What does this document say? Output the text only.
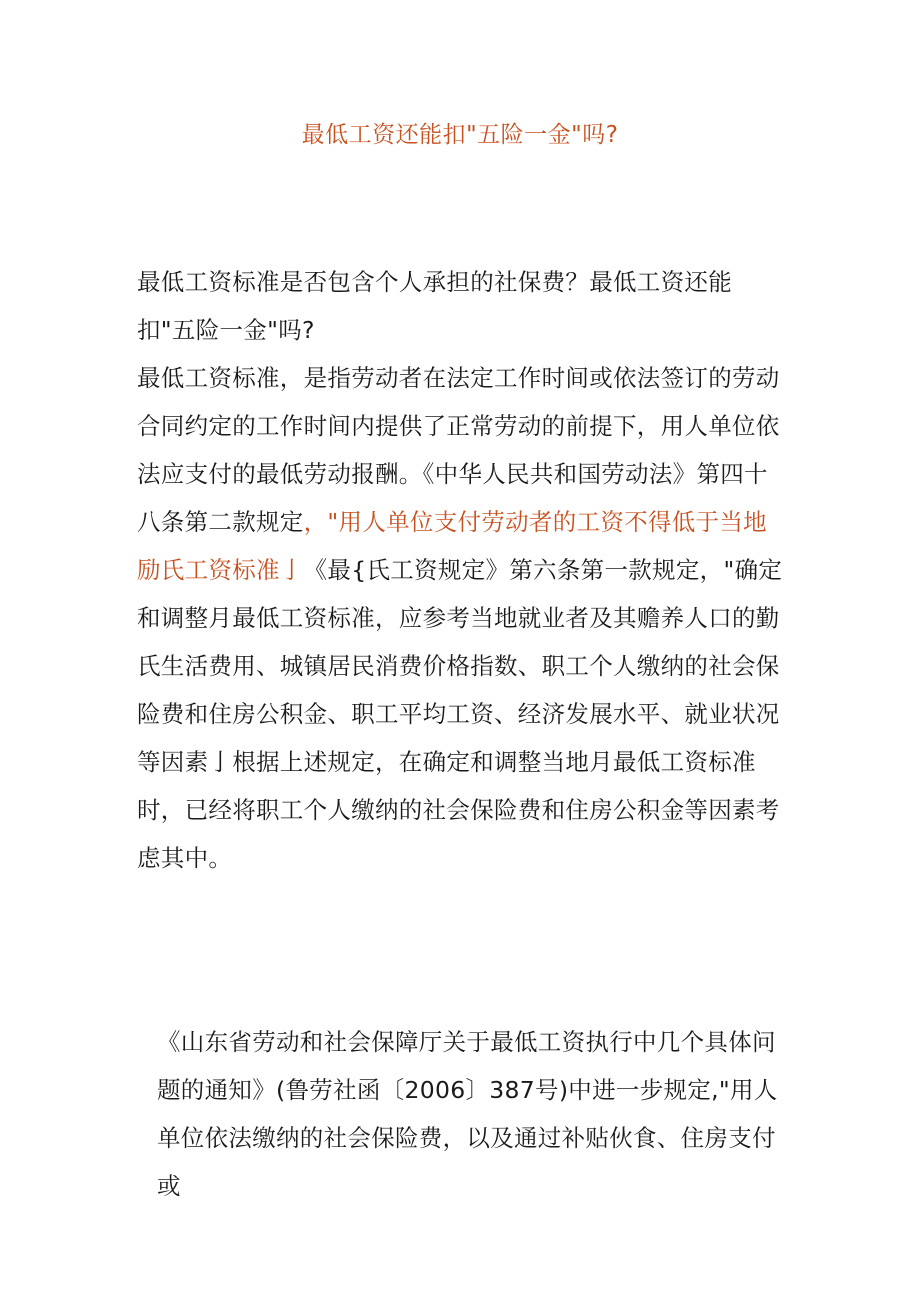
最低工资还能扣"五险一金"吗?

最低工资标准是否包含个人承担的社保费？最低工资还能扣"五险一金"吗?

最低工资标准，是指劳动者在法定工作时间或依法签订的劳动合同约定的工作时间内提供了正常劳动的前提下，用人单位依法应支付的最低劳动报酬。《中华人民共和国劳动法》第四十八条第二款规定，"用人单位支付劳动者的工资不得低于当地励氏工资标准亅《最{氏工资规定》第六条第一款规定，"确定和调整月最低工资标准，应参考当地就业者及其赡养人口的勤氏生活费用、城镇居民消费价格指数、职工个人缴纳的社会保险费和住房公积金、职工平均工资、经济发展水平、就业状况等因素亅根据上述规定，在确定和调整当地月最低工资标准时，已经将职工个人缴纳的社会保险费和住房公积金等因素考虑其中。

《山东省劳动和社会保障厅关于最低工资执行中几个具体问题的通知》(鲁劳社函〔2006〕387号)中进一步规定,"用人单位依法缴纳的社会保险费，以及通过补贴伙食、住房支付或
